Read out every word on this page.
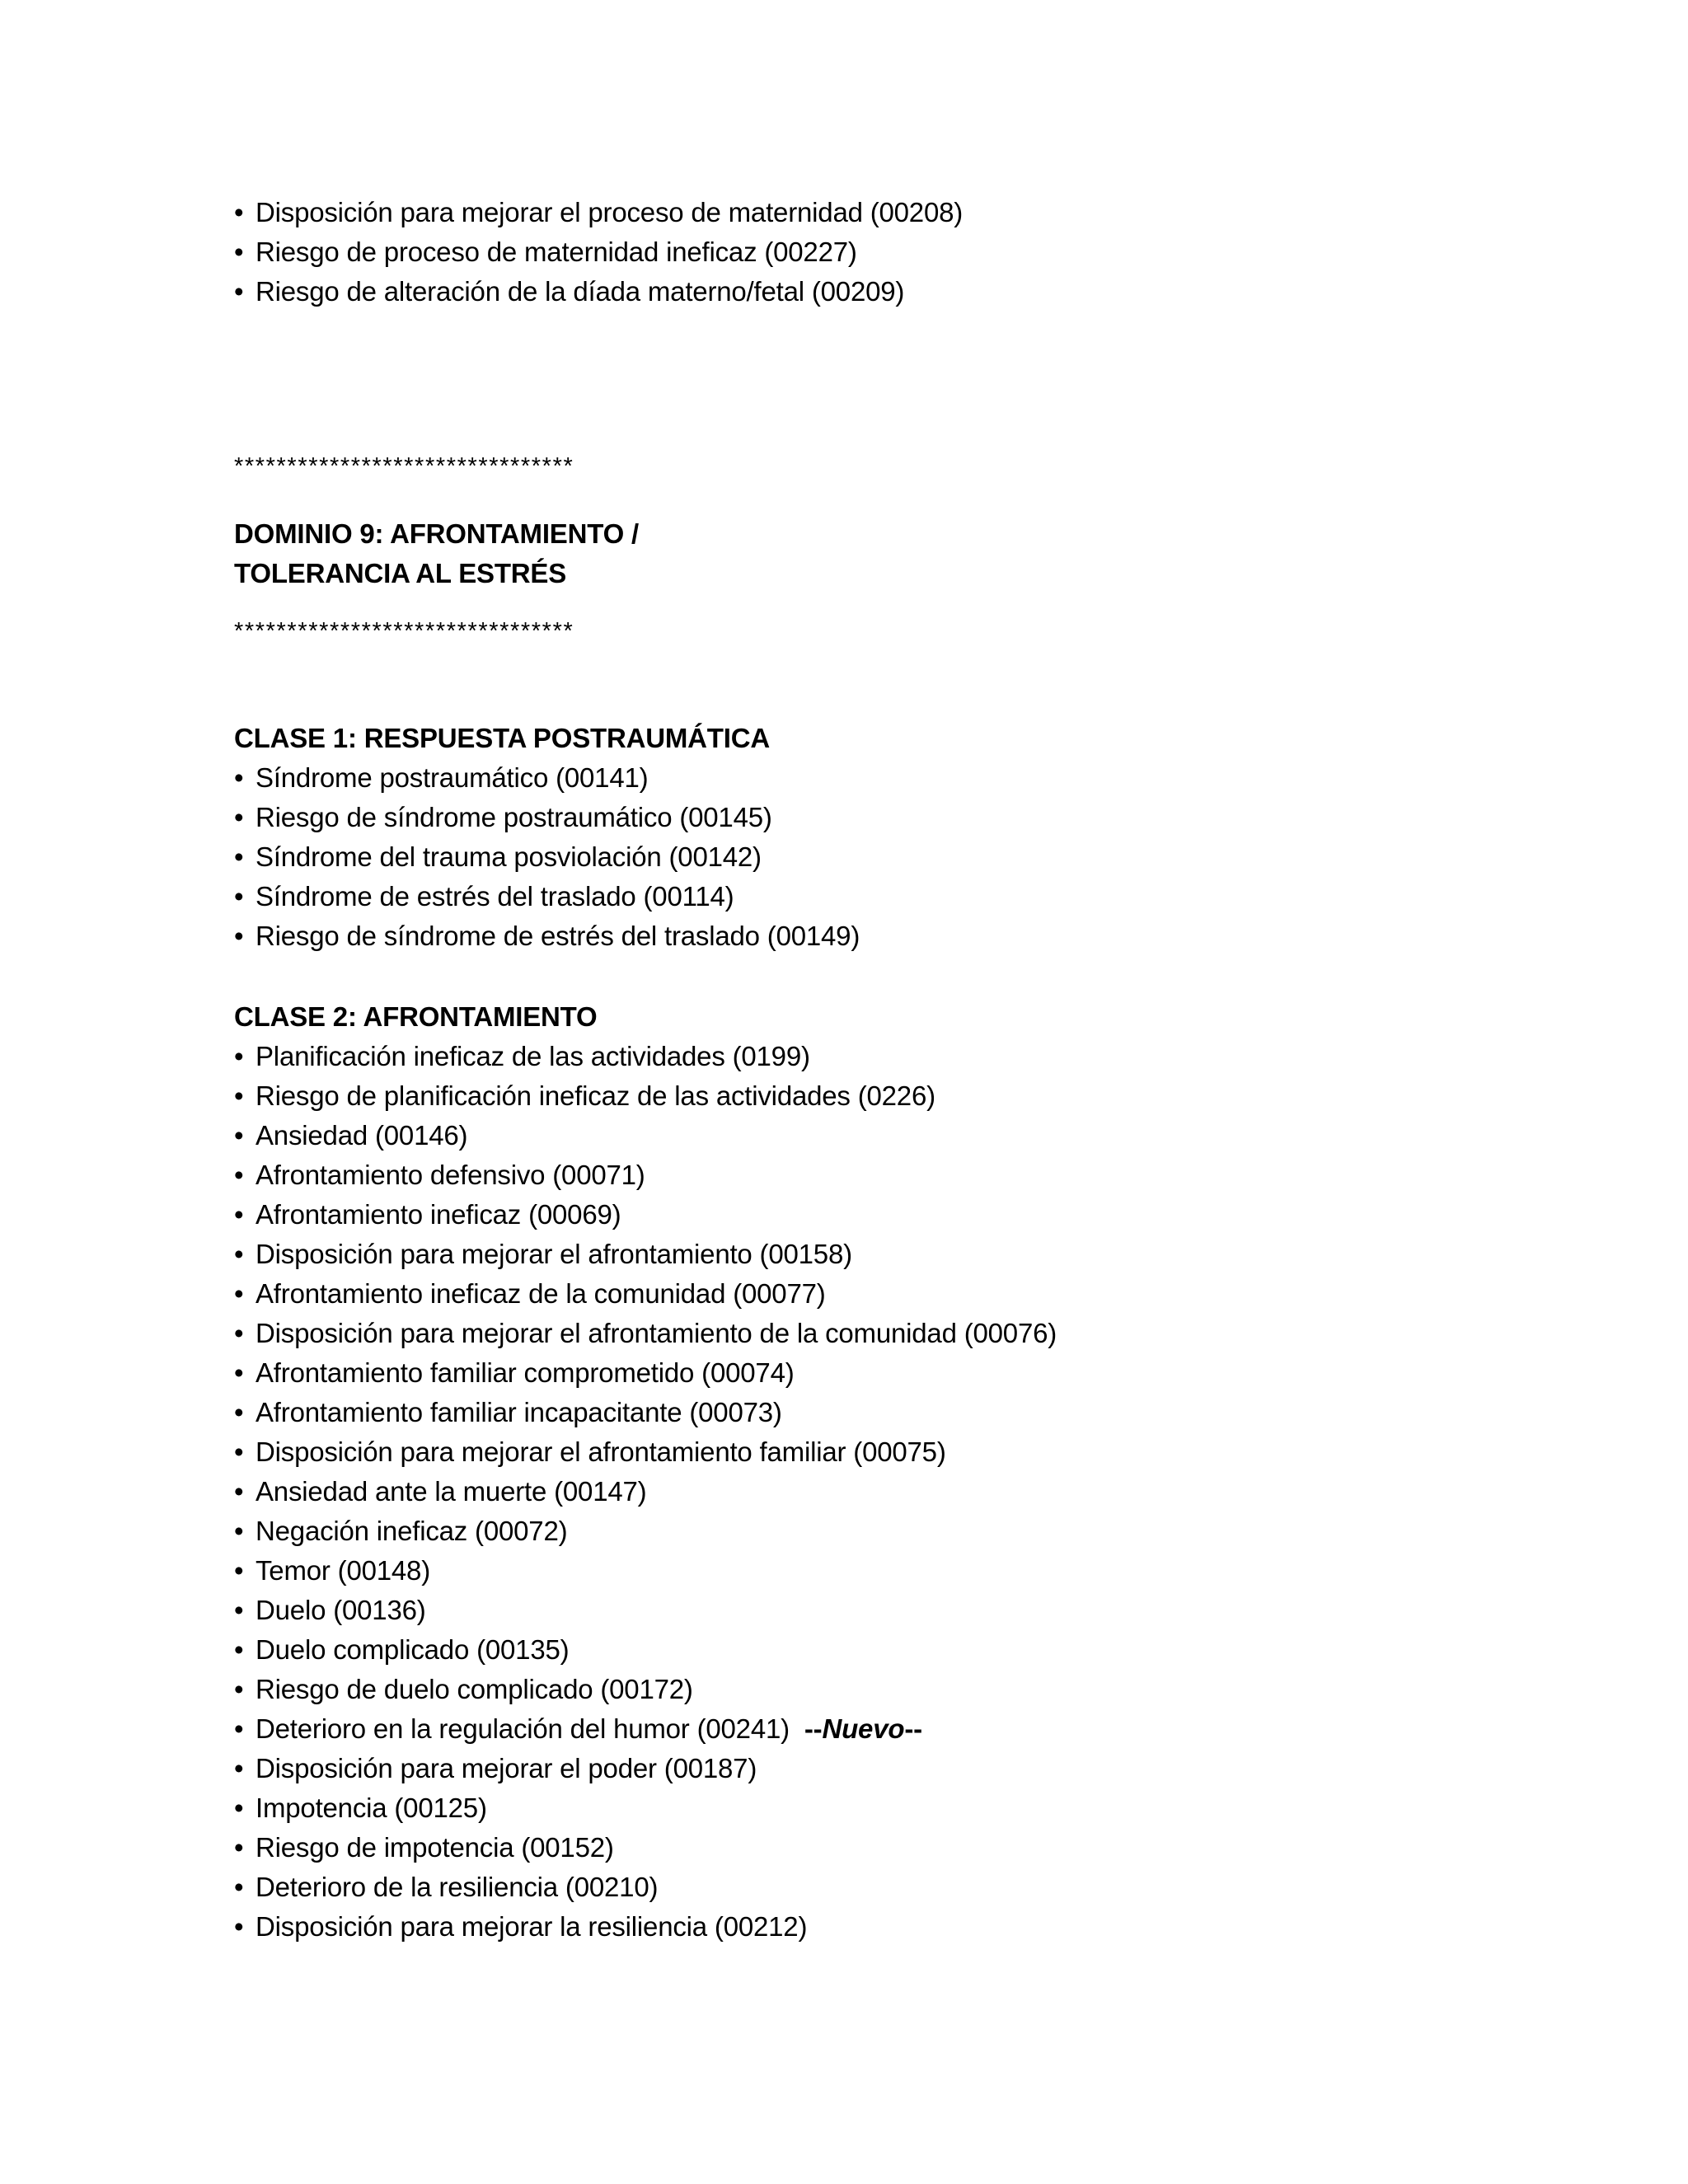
• Disposición para mejorar el proceso de maternidad (00208)
• Riesgo de proceso de maternidad ineficaz (00227)
• Riesgo de alteración de la díada materno/fetal (00209)
********************************
DOMINIO 9: AFRONTAMIENTO /
TOLERANCIA AL ESTRÉS
********************************
CLASE 1: RESPUESTA POSTRAUMÁTICA
• Síndrome postraumático (00141)
• Riesgo de síndrome postraumático (00145)
• Síndrome del trauma posviolación (00142)
• Síndrome de estrés del traslado (00114)
• Riesgo de síndrome de estrés del traslado (00149)
CLASE 2: AFRONTAMIENTO
• Planificación ineficaz de las actividades (0199)
• Riesgo de planificación ineficaz de las actividades (0226)
• Ansiedad (00146)
• Afrontamiento defensivo (00071)
• Afrontamiento ineficaz (00069)
• Disposición para mejorar el afrontamiento (00158)
• Afrontamiento ineficaz de la comunidad (00077)
• Disposición para mejorar el afrontamiento de la comunidad (00076)
• Afrontamiento familiar comprometido (00074)
• Afrontamiento familiar incapacitante (00073)
• Disposición para mejorar el afrontamiento familiar (00075)
• Ansiedad ante la muerte (00147)
• Negación ineficaz (00072)
• Temor (00148)
• Duelo (00136)
• Duelo complicado (00135)
• Riesgo de duelo complicado (00172)
• Deterioro en la regulación del humor (00241) --Nuevo--
• Disposición para mejorar el poder (00187)
• Impotencia (00125)
• Riesgo de impotencia (00152)
• Deterioro de la resiliencia (00210)
• Disposición para mejorar la resiliencia (00212)
